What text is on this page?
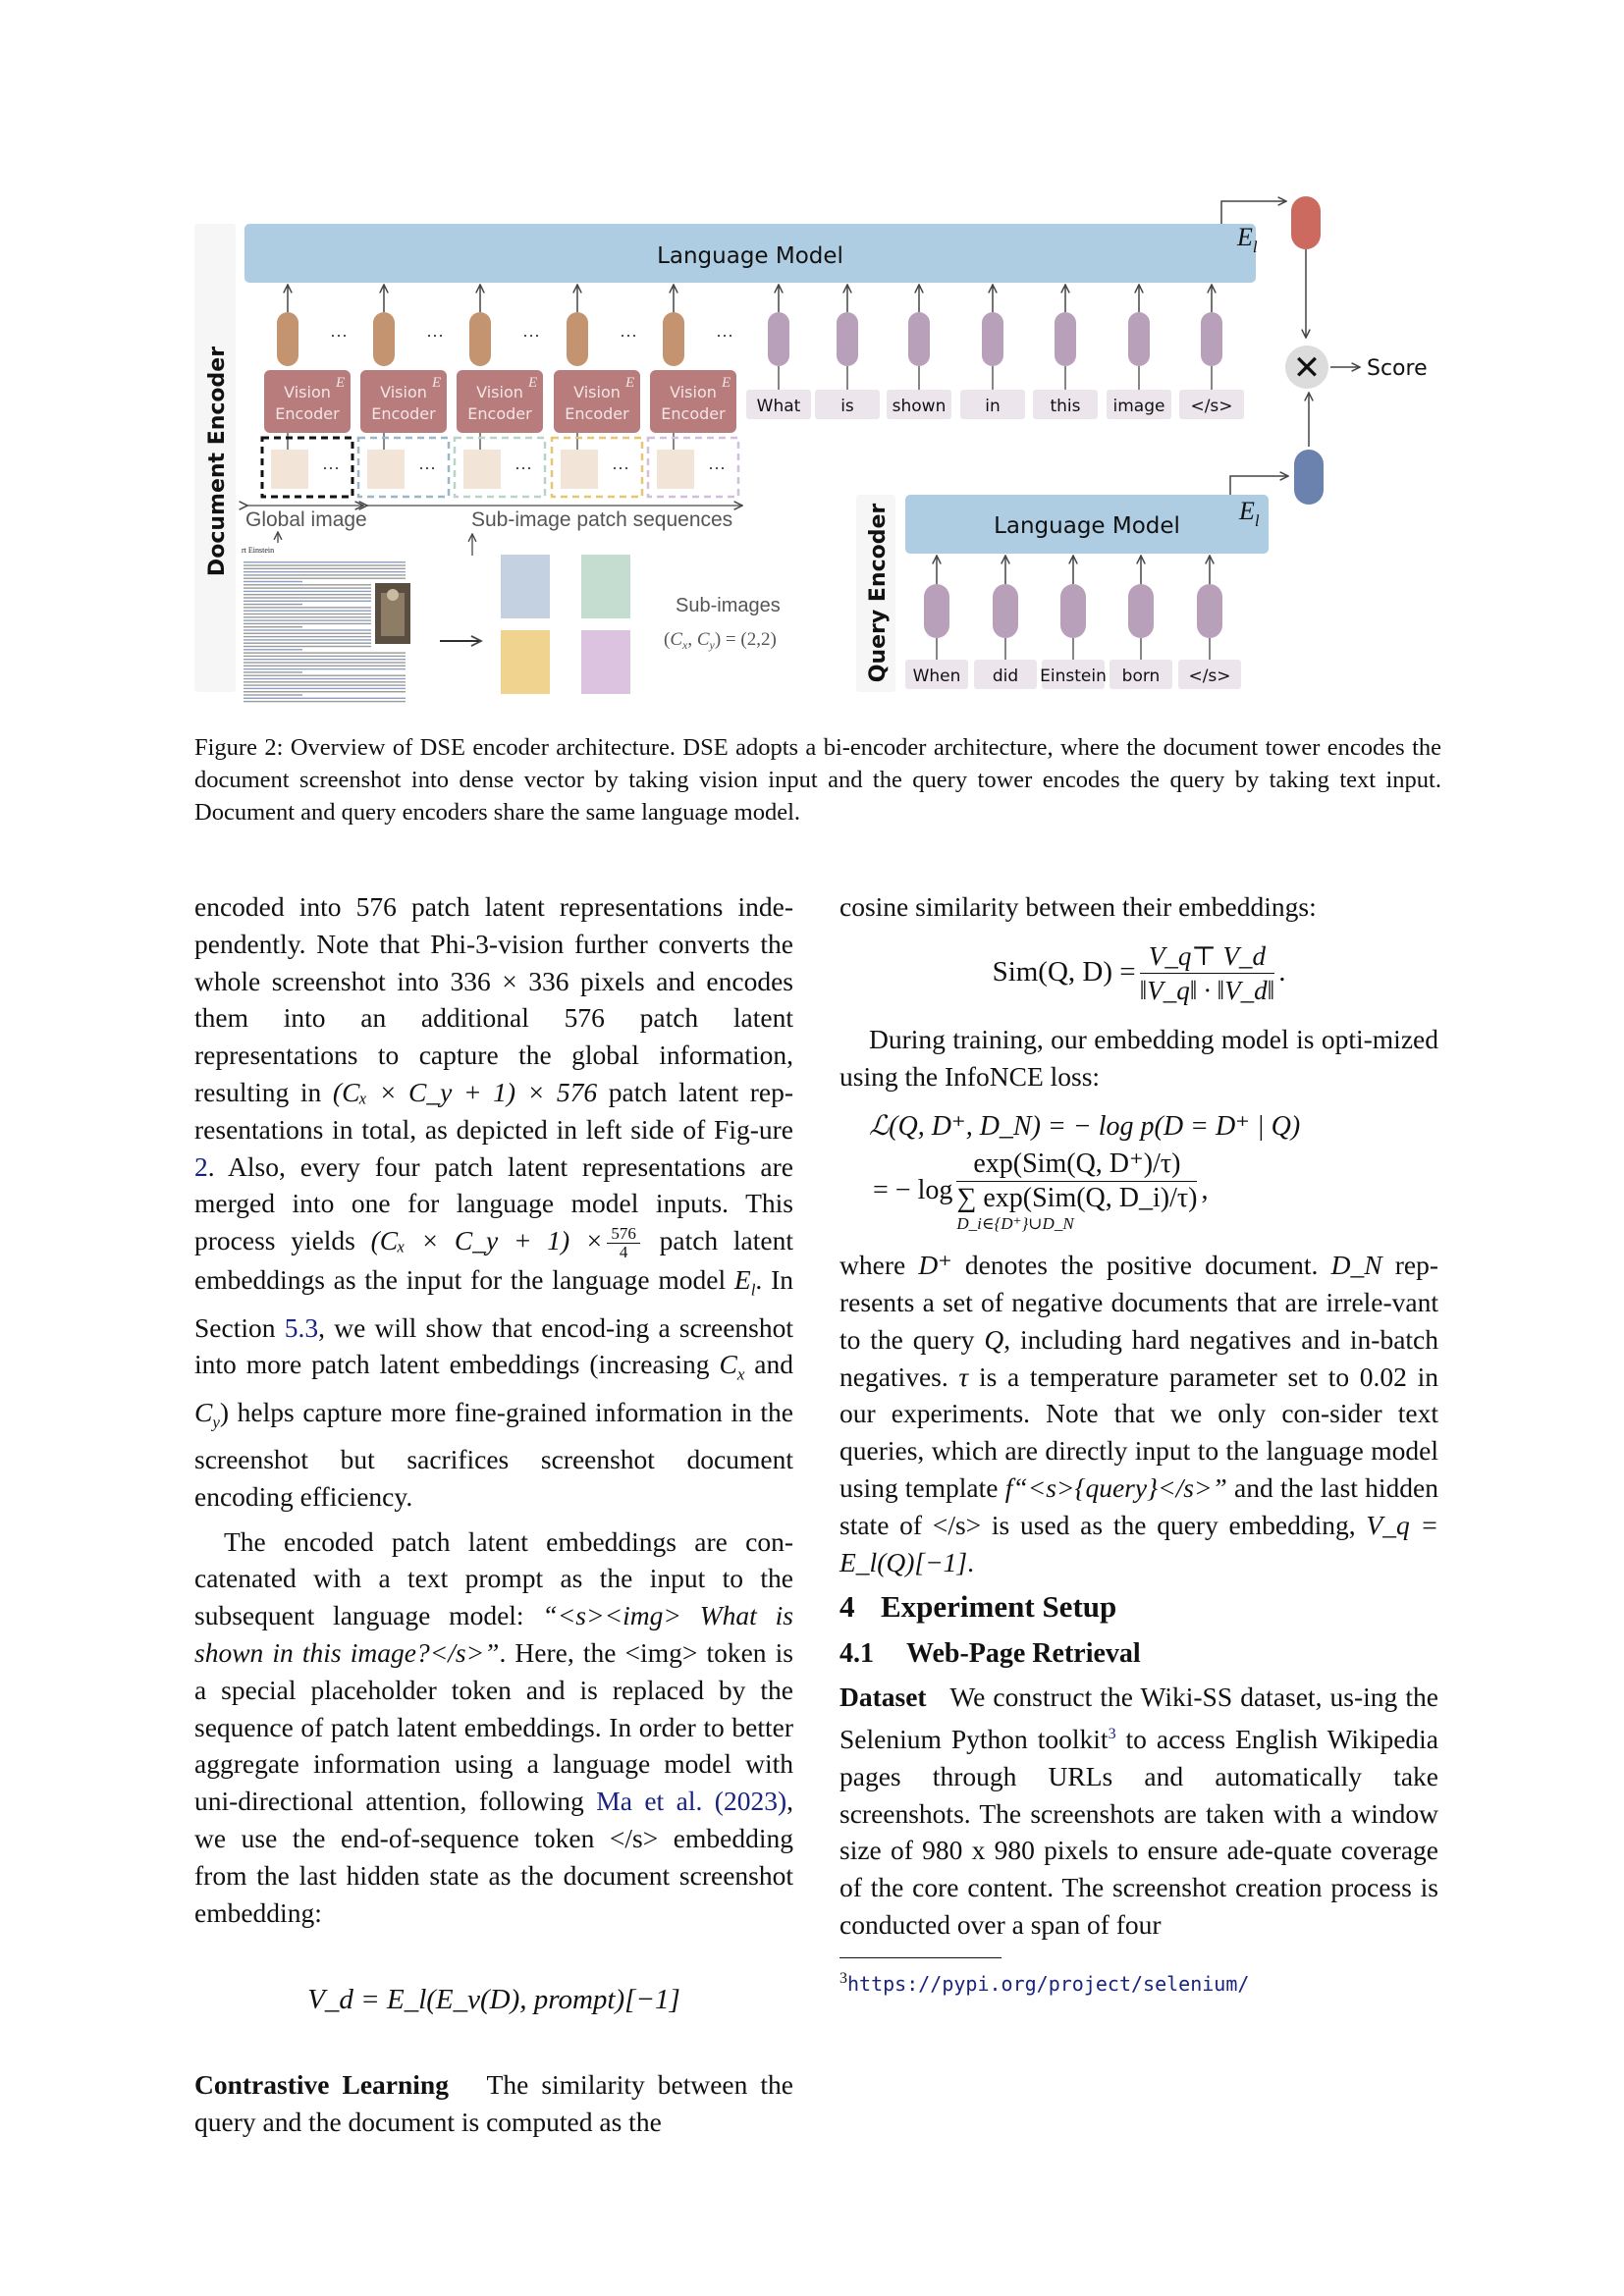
Document Encoder
Query Encoder
Language Model
$E_l$
···
Vision
Encoder
E
···
Vision
Encoder
E
···
Vision
Encoder
E
···
Vision
Encoder
E
···
Vision
Encoder
E
What is shown in	this image </s>
···	···	···	···	···
Global image	Sub-image patch sequences
rt Einstein
Sub-images
($C_x$, $C_y) = (2,2)$
Language Model
$E_l$
When did Einstein born </s>
✕ Score
Figure 2: Overview of DSE encoder architecture. DSE adopts a bi-encoder architecture, where the document tower encodes the document screenshot into dense vector by taking vision input and the query tower encodes the query by taking text input. Document and query encoders share the same language model.

encoded into 576 patch latent representations inde-pendently. Note that Phi-3-vision further converts the whole screenshot into 336 × 336 pixels and encodes them into an additional 576 patch latent representations to capture the global information, resulting in (Cₓ × C_y + 1) × 576 patch latent rep-resentations in total, as depicted in left side of Fig-ure 2. Also, every four patch latent representations are merged into one for language model inputs. This process yields (Cₓ × C_y + $1) \times \frac{576}{4}$ patch latent embeddings as the input for the language model $E_l$. In Section 5.3, we will show that encod-ing a screenshot into more patch latent embeddings (increasing $C_x$ and $C_y$) helps capture more fine-grained information in the screenshot but sacrifices screenshot document encoding efficiency.

The encoded patch latent embeddings are con-catenated with a text prompt as the input to the subsequent language model: “<s><img> What is shown in this image?</s>”. Here, the <img> token is a special placeholder token and is replaced by the sequence of patch latent embeddings. In order to better aggregate information using a language model with uni-directional attention, following Ma et al. (2023), we use the end-of-sequence token </s> embedding from the last hidden state as the document screenshot embedding:

V_d = E_l(E_v(D), prompt)[−1]

Contrastive Learning The similarity between the query and the document is computed as the

cosine similarity between their embeddings:

Sim(Q, $D) = \frac{V\_q⊤ V\_d}{‖V\_q‖ \cdot ‖V\_d‖}$ .

During training, our embedding model is opti-mized using the InfoNCE loss:

ℒ(Q, D⁺, D_N) = − log p(D = D⁺ | Q)
= − log
exp(Sim(Q, D⁺)/τ)
∑ exp(Sim(Q, D_i)/τ)
D_i∈{D⁺}∪D_N
,

where D⁺ denotes the positive document. D_N rep-resents a set of negative documents that are irrele-vant to the query Q, including hard negatives and in-batch negatives. τ is a temperature parameter set to 0.02 in our experiments. Note that we only con-sider text queries, which are directly input to the language model using template f“<s>{query}</s>” and the last hidden state of </s> is used as the query embedding, V_q = E_l(Q)[−1].

4 Experiment Setup
4.1 Web-Page Retrieval

Dataset We construct the Wiki-SS dataset, us-ing the Selenium Python toolkit$^3$ to access English Wikipedia pages through URLs and automatically take screenshots. The screenshots are taken with a window size of 980 x 980 pixels to ensure ade-quate coverage of the core content. The screenshot creation process is conducted over a span of four

$^3$https://pypi.org/project/selenium/
